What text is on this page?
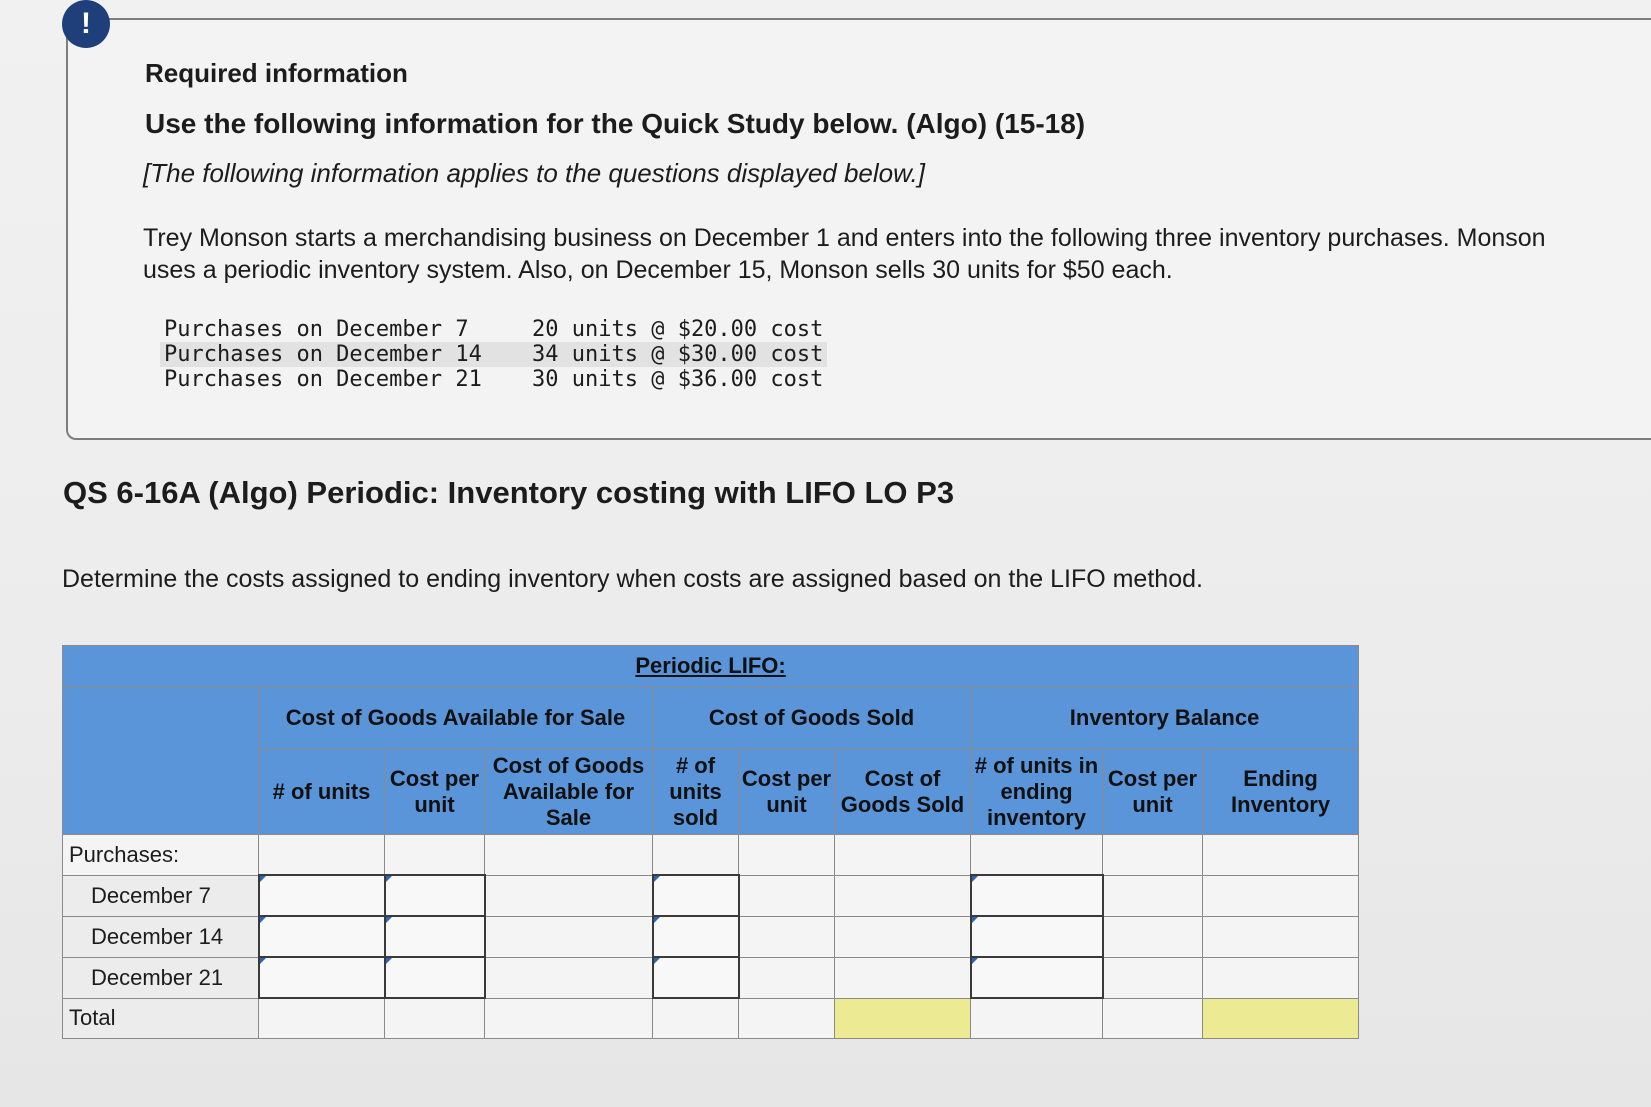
!
Required information
Use the following information for the Quick Study below. (Algo) (15-18)
[The following information applies to the questions displayed below.]
Trey Monson starts a merchandising business on December 1 and enters into the following three inventory purchases. Monson uses a periodic inventory system. Also, on December 15, Monson sells 30 units for $50 each.
Purchases on December 7	20 units @ $20.00 cost
Purchases on December 14	34 units @ $30.00 cost
Purchases on December 21	30 units @ $36.00 cost
QS 6-16A (Algo) Periodic: Inventory costing with LIFO LO P3
Determine the costs assigned to ending inventory when costs are assigned based on the LIFO method.
Periodic LIFO:									
	Cost of Goods Available for Sale			Cost of Goods Sold			Inventory Balance		
	# of units	Cost per unit	Cost of Goods Available for Sale	# of units sold	Cost per unit	Cost of Goods Sold	# of units in ending inventory	Cost per unit	Ending Inventory
Purchases:									
December 7									
December 14									
December 21									
Total									
